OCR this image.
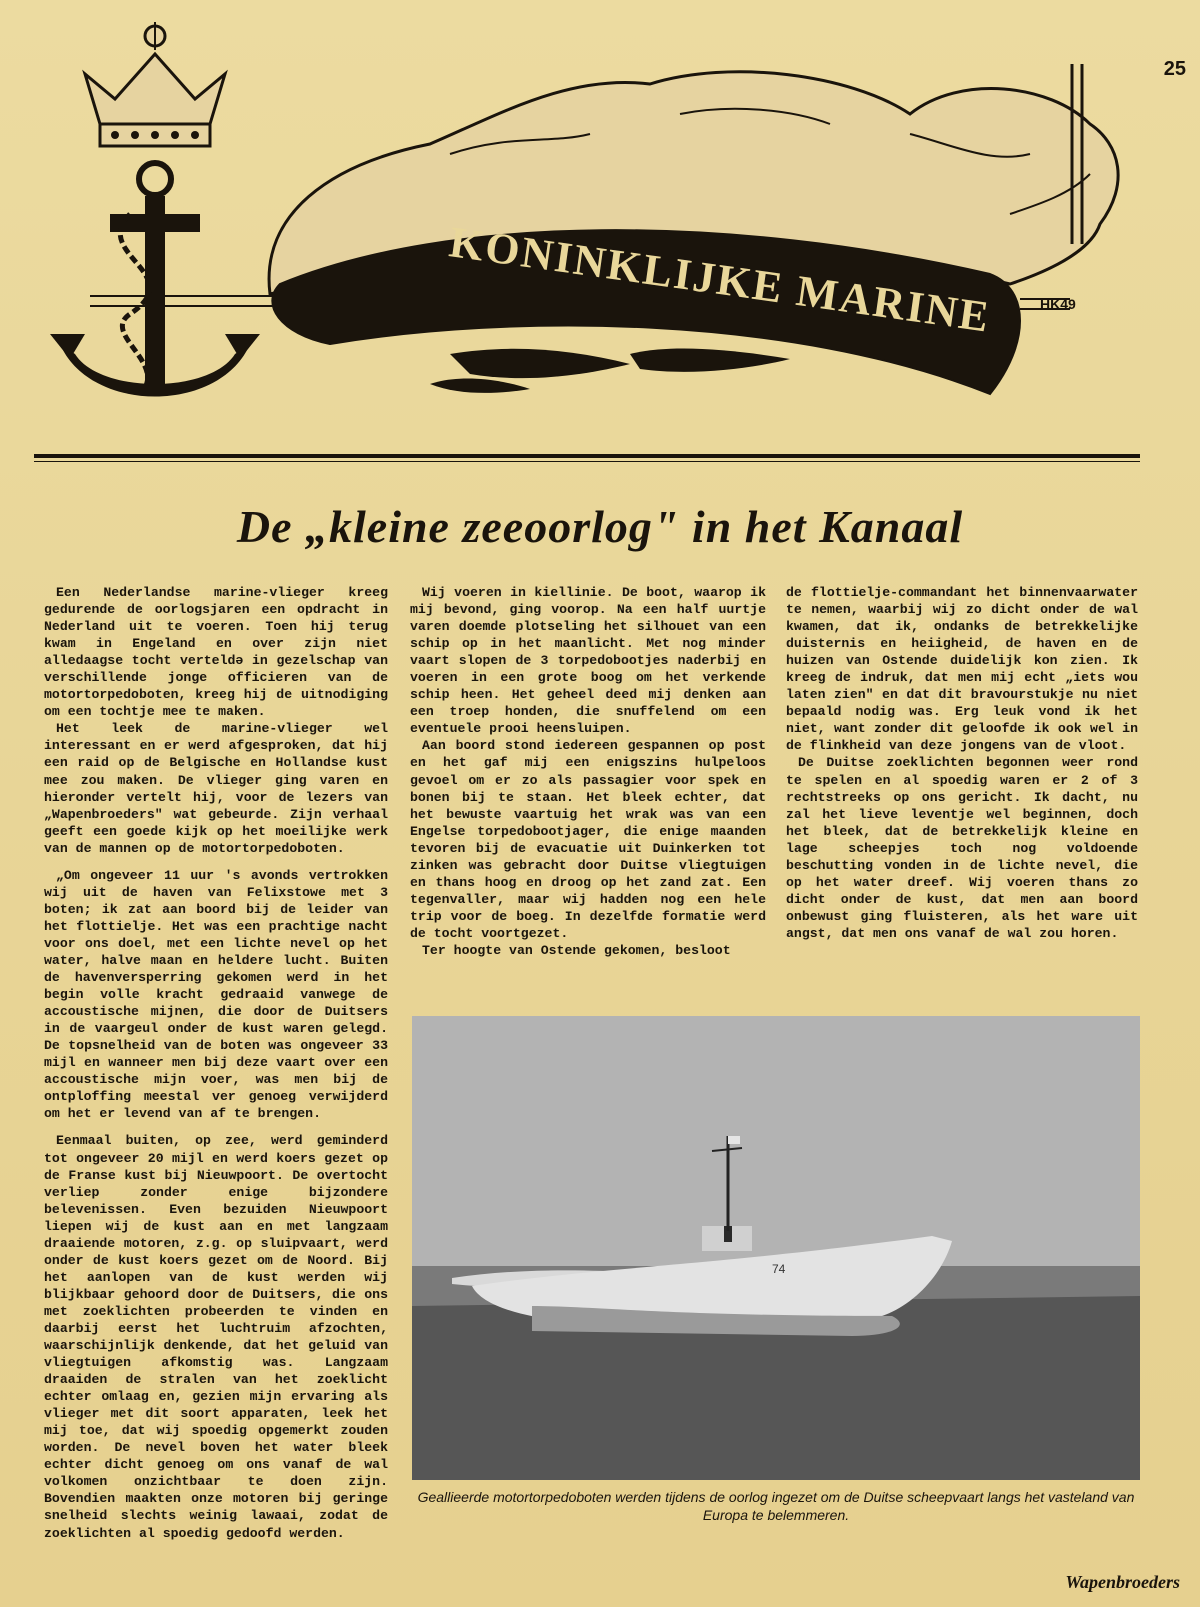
25
KONINKLIJKE MARINE	HK49
De „kleine zeeoorlog" in het Kanaal

Een Nederlandse marine-vlieger kreeg gedurende de oorlogsjaren een opdracht in Nederland uit te voeren. Toen hij terug kwam in Engeland en over zijn niet alledaagse tocht verteldə in gezelschap van verschillende jonge officieren van de motortorpedoboten, kreeg hij de uitnodiging om een tochtje mee te maken.

Het leek de marine-vlieger wel interessant en er werd afgesproken, dat hij een raid op de Belgische en Hollandse kust mee zou maken. De vlieger ging varen en hieronder vertelt hij, voor de lezers van „Wapenbroeders" wat gebeurde. Zijn verhaal geeft een goede kijk op het moeilijke werk van de mannen op de motortorpedoboten.

„Om ongeveer 11 uur 's avonds vertrokken wij uit de haven van Felixstowe met 3 boten; ik zat aan boord bij de leider van het flottielje. Het was een prachtige nacht voor ons doel, met een lichte nevel op het water, halve maan en heldere lucht. Buiten de havenversperring gekomen werd in het begin volle kracht gedraaid vanwege de accoustische mijnen, die door de Duitsers in de vaargeul onder de kust waren gelegd. De topsnelheid van de boten was ongeveer 33 mijl en wanneer men bij deze vaart over een accoustische mijn voer, was men bij de ontploffing meestal ver genoeg verwijderd om het er levend van af te brengen.

Eenmaal buiten, op zee, werd geminderd tot ongeveer 20 mijl en werd koers gezet op de Franse kust bij Nieuwpoort. De overtocht verliep zonder enige bijzondere belevenissen. Even bezuiden Nieuwpoort liepen wij de kust aan en met langzaam draaiende motoren, z.g. op sluipvaart, werd onder de kust koers gezet om de Noord. Bij het aanlopen van de kust werden wij blijkbaar gehoord door de Duitsers, die ons met zoeklichten probeerden te vinden en daarbij eerst het luchtruim afzochten, waarschijnlijk denkende, dat het geluid van vliegtuigen afkomstig was. Langzaam draaiden de stralen van het zoeklicht echter omlaag en, gezien mijn ervaring als vlieger met dit soort apparaten, leek het mij toe, dat wij spoedig opgemerkt zouden worden. De nevel boven het water bleek echter dicht genoeg om ons vanaf de wal volkomen onzichtbaar te doen zijn. Bovendien maakten onze motoren bij geringe snelheid slechts weinig lawaai, zodat de zoeklichten al spoedig gedoofd werden.

Wij voeren in kiellinie. De boot, waarop ik mij bevond, ging voorop. Na een half uurtje varen doemde plotseling het silhouet van een schip op in het maanlicht. Met nog minder vaart slopen de 3 torpedobootjes naderbij en voeren in een grote boog om het verkende schip heen. Het geheel deed mij denken aan een troep honden, die snuffelend om een eventuele prooi heensluipen.

Aan boord stond iedereen gespannen op post en het gaf mij een enigszins hulpeloos gevoel om er zo als passagier voor spek en bonen bij te staan. Het bleek echter, dat het bewuste vaartuig het wrak was van een Engelse torpedobootjager, die enige maanden tevoren bij de evacuatie uit Duinkerken tot zinken was gebracht door Duitse vliegtuigen en thans hoog en droog op het zand zat. Een tegenvaller, maar wij hadden nog een hele trip voor de boeg. In dezelfde formatie werd de tocht voortgezet.

Ter hoogte van Ostende gekomen, besloot

de flottielje-commandant het binnenvaarwater te nemen, waarbij wij zo dicht onder de wal kwamen, dat ik, ondanks de betrekkelijke duisternis en heiigheid, de haven en de huizen van Ostende duidelijk kon zien. Ik kreeg de indruk, dat men mij echt „iets wou laten zien" en dat dit bravourstukje nu niet bepaald nodig was. Erg leuk vond ik het niet, want zonder dit geloofde ik ook wel in de flinkheid van deze jongens van de vloot.

De Duitse zoeklichten begonnen weer rond te spelen en al spoedig waren er 2 of 3 rechtstreeks op ons gericht. Ik dacht, nu zal het lieve leventje wel beginnen, doch het bleek, dat de betrekkelijk kleine en lage scheepjes toch nog voldoende beschutting vonden in de lichte nevel, die op het water dreef. Wij voeren thans zo dicht onder de kust, dat men aan boord onbewust ging fluisteren, als het ware uit angst, dat men ons vanaf de wal zou horen.

74
Geallieerde motortorpedoboten werden tijdens de oorlog ingezet om de Duitse scheepvaart langs het vasteland van Europa te belemmeren.
Wapenbroeders
